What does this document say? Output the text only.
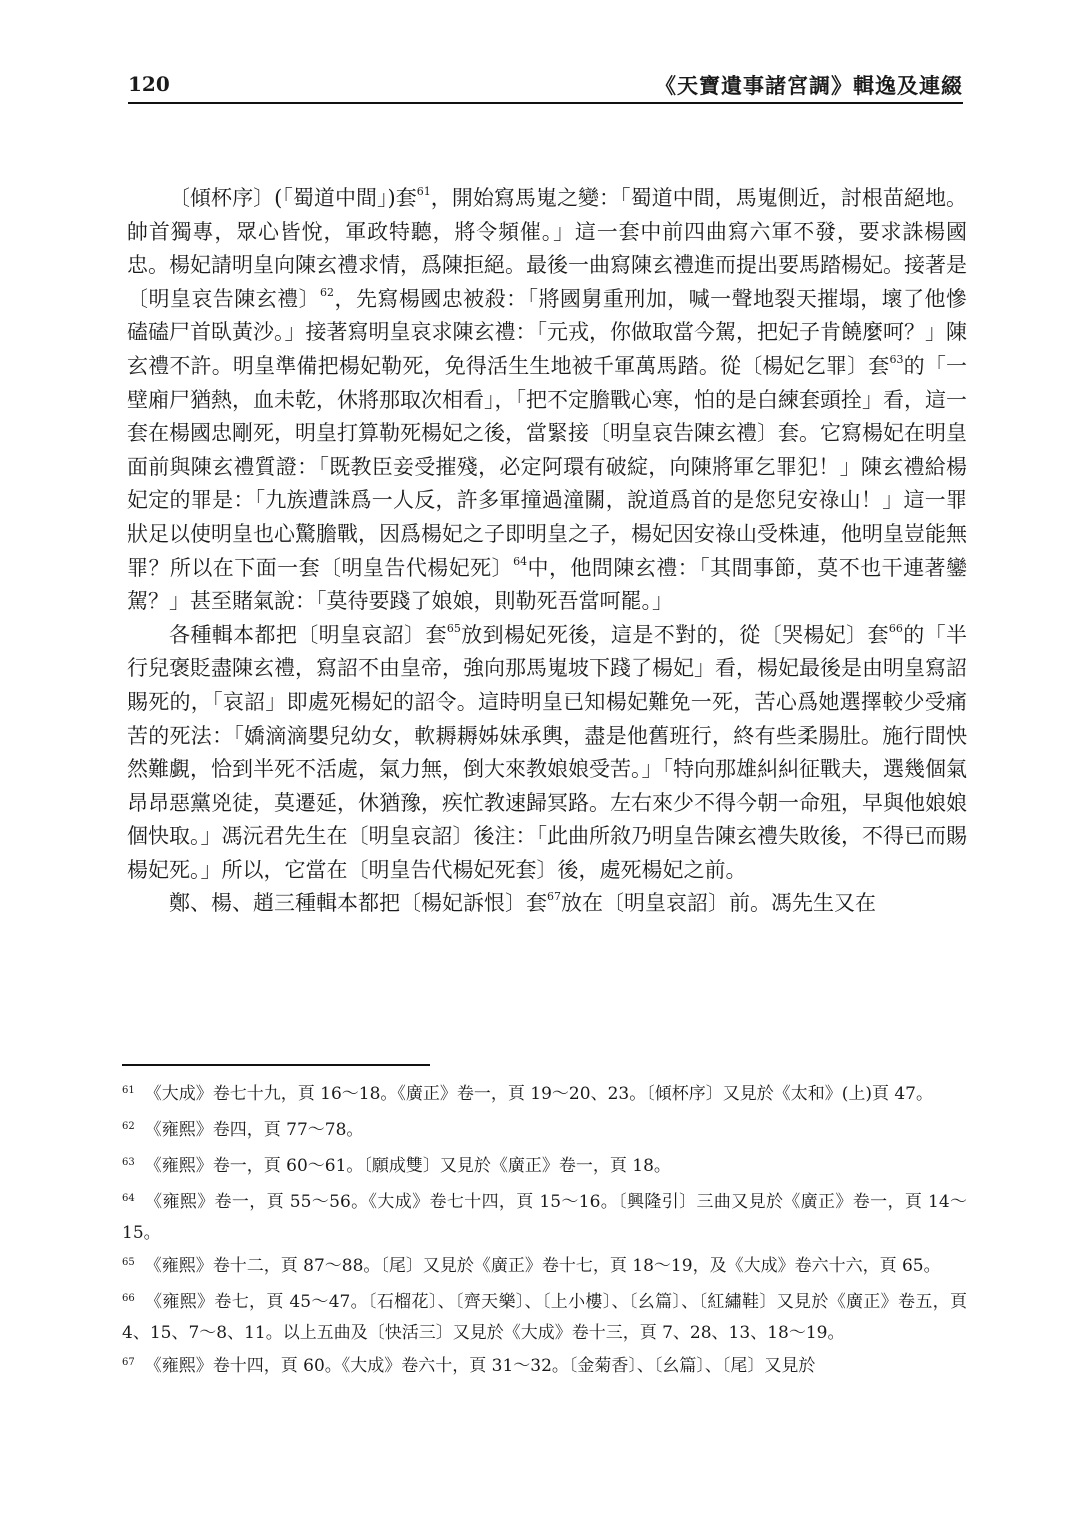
120	《天寶遺事諸宮調》輯逸及連綴

〔傾杯序〕(「蜀道中間」)套$^{61}$，開始寫馬嵬之變：「蜀道中間，馬嵬側近，討根苗絕地。帥首獨專，眾心皆悅，軍政特聽，將令頻催。」這一套中前四曲寫六軍不發，要求誅楊國忠。楊妃請明皇向陳玄禮求情，爲陳拒絕。最後一曲寫陳玄禮進而提出要馬踏楊妃。接著是〔明皇哀告陳玄禮〕$^{62}$，先寫楊國忠被殺：「將國舅重刑加，喊一聲地裂天摧塌，壞了他慘磕磕尸首臥黃沙。」接著寫明皇哀求陳玄禮：「元戎，你做取當今駕，把妃子肯饒麼呵？」陳玄禮不許。明皇準備把楊妃勒死，免得活生生地被千軍萬馬踏。從〔楊妃乞罪〕套$^{63}$的「一壁廂尸猶熱，血未乾，休將那取次相看」，「把不定膽戰心寒，怕的是白練套頭拴」看，這一套在楊國忠剛死，明皇打算勒死楊妃之後，當緊接〔明皇哀告陳玄禮〕套。它寫楊妃在明皇面前與陳玄禮質證：「既教臣妾受摧殘，必定阿環有破綻，向陳將軍乞罪犯！」陳玄禮給楊妃定的罪是：「九族遭誅爲一人反，許多軍撞過潼關，說道爲首的是您兒安祿山！」這一罪狀足以使明皇也心驚膽戰，因爲楊妃之子即明皇之子，楊妃因安祿山受株連，他明皇豈能無罪？所以在下面一套〔明皇告代楊妃死〕$^{64}$中，他問陳玄禮：「其間事節，莫不也干連著鑾駕？」甚至賭氣說：「莫待要踐了娘娘，則勒死吾當呵罷。」

各種輯本都把〔明皇哀詔〕套$^{65}$放到楊妃死後，這是不對的，從〔哭楊妃〕套$^{66}$的「半行兒褒貶盡陳玄禮，寫詔不由皇帝，強向那馬嵬坡下踐了楊妃」看，楊妃最後是由明皇寫詔賜死的，「哀詔」即處死楊妃的詔令。這時明皇已知楊妃難免一死，苦心爲她選擇較少受痛苦的死法：「嬌滴滴嬰兒幼女，軟耨耨姊妹承輿，盡是他舊班行，終有些柔腸肚。施行間怏然難覷，恰到半死不活處，氣力無，倒大來教娘娘受苦。」「特向那雄糾糾征戰夫，選幾個氣昂昂惡黨兇徒，莫遷延，休猶豫，疾忙教速歸冥路。左右來少不得今朝一命殂，早與他娘娘個快取。」馮沅君先生在〔明皇哀詔〕後注：「此曲所敘乃明皇告陳玄禮失敗後，不得已而賜楊妃死。」所以，它當在〔明皇告代楊妃死套〕後，處死楊妃之前。

鄭、楊、趙三種輯本都把〔楊妃訴恨〕套$^{67}$放在〔明皇哀詔〕前。馮先生又在

$^{61}$ 《大成》卷七十九，頁 16～18。《廣正》卷一，頁 19～20、23。〔傾杯序〕又見於《太和》(上)頁 47。

$^{62}$ 《雍熙》卷四，頁 77～78。

$^{63}$ 《雍熙》卷一，頁 60～61。〔願成雙〕又見於《廣正》卷一，頁 18。

$^{64}$ 《雍熙》卷一，頁 55～56。《大成》卷七十四，頁 15～16。〔興隆引〕三曲又見於《廣正》卷一，頁 14～15。

$^{65}$ 《雍熙》卷十二，頁 87～88。〔尾〕又見於《廣正》卷十七，頁 18～19，及《大成》卷六十六，頁 65。

$^{66}$ 《雍熙》卷七，頁 45～47。〔石榴花〕、〔齊天樂〕、〔上小樓〕、〔幺篇〕、〔紅繡鞋〕又見於《廣正》卷五，頁 4、15、7～8、11。以上五曲及〔快活三〕又見於《大成》卷十三，頁 7、28、13、18～19。

$^{67}$ 《雍熙》卷十四，頁 60。《大成》卷六十，頁 31～32。〔金菊香〕、〔幺篇〕、〔尾〕又見於
